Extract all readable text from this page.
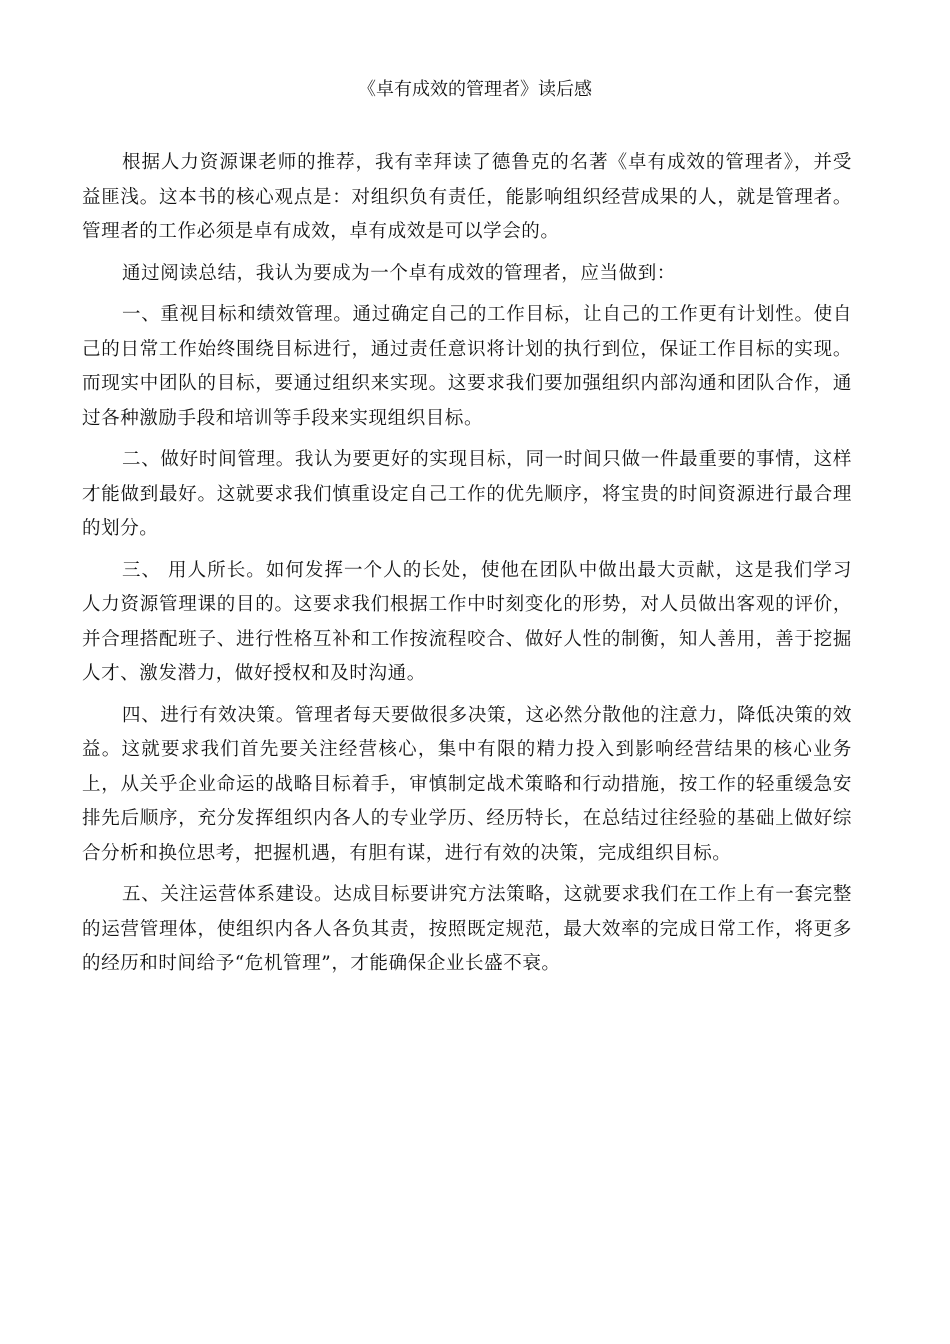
《卓有成效的管理者》读后感

根据人力资源课老师的推荐，我有幸拜读了德鲁克的名著《卓有成效的管理者》，并受益匪浅。这本书的核心观点是：对组织负有责任，能影响组织经营成果的人，就是管理者。管理者的工作必须是卓有成效，卓有成效是可以学会的。

通过阅读总结，我认为要成为一个卓有成效的管理者，应当做到：

一、重视目标和绩效管理。通过确定自己的工作目标，让自己的工作更有计划性。使自己的日常工作始终围绕目标进行，通过责任意识将计划的执行到位，保证工作目标的实现。而现实中团队的目标，要通过组织来实现。这要求我们要加强组织内部沟通和团队合作，通过各种激励手段和培训等手段来实现组织目标。

二、做好时间管理。我认为要更好的实现目标，同一时间只做一件最重要的事情，这样才能做到最好。这就要求我们慎重设定自己工作的优先顺序，将宝贵的时间资源进行最合理的划分。

三、 用人所长。如何发挥一个人的长处，使他在团队中做出最大贡献，这是我们学习人力资源管理课的目的。这要求我们根据工作中时刻变化的形势，对人员做出客观的评价，并合理搭配班子、进行性格互补和工作按流程咬合、做好人性的制衡，知人善用，善于挖掘人才、激发潜力，做好授权和及时沟通。

四、进行有效决策。管理者每天要做很多决策，这必然分散他的注意力，降低决策的效益。这就要求我们首先要关注经营核心，集中有限的精力投入到影响经营结果的核心业务上，从关乎企业命运的战略目标着手，审慎制定战术策略和行动措施，按工作的轻重缓急安排先后顺序，充分发挥组织内各人的专业学历、经历特长，在总结过往经验的基础上做好综合分析和换位思考，把握机遇，有胆有谋，进行有效的决策，完成组织目标。

五、关注运营体系建设。达成目标要讲究方法策略，这就要求我们在工作上有一套完整的运营管理体，使组织内各人各负其责，按照既定规范，最大效率的完成日常工作，将更多的经历和时间给予“危机管理”，才能确保企业长盛不衰。
